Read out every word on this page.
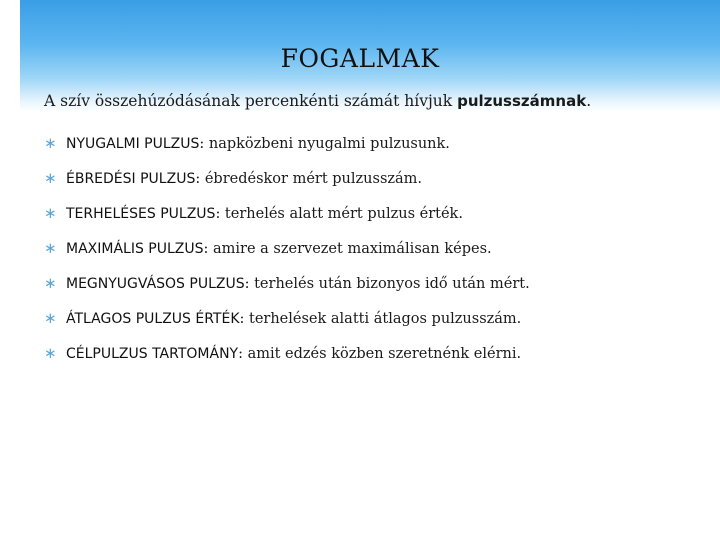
FOGALMAK
A szív összehúzódásának percenkénti számát hívjuk pulzusszámnak.
∗ NYUGALMI PULZUS: napközbeni nyugalmi pulzusunk.
∗ ÉBREDÉSI PULZUS: ébredéskor mért pulzusszám.
∗ TERHELÉSES PULZUS: terhelés alatt mért pulzus érték.
∗ MAXIMÁLIS PULZUS: amire a szervezet maximálisan képes.
∗ MEGNYUGVÁSOS PULZUS: terhelés után bizonyos idő után mért.
∗ ÁTLAGOS PULZUS ÉRTÉK: terhelések alatti átlagos pulzusszám.
∗ CÉLPULZUS TARTOMÁNY: amit edzés közben szeretnénk elérni.
